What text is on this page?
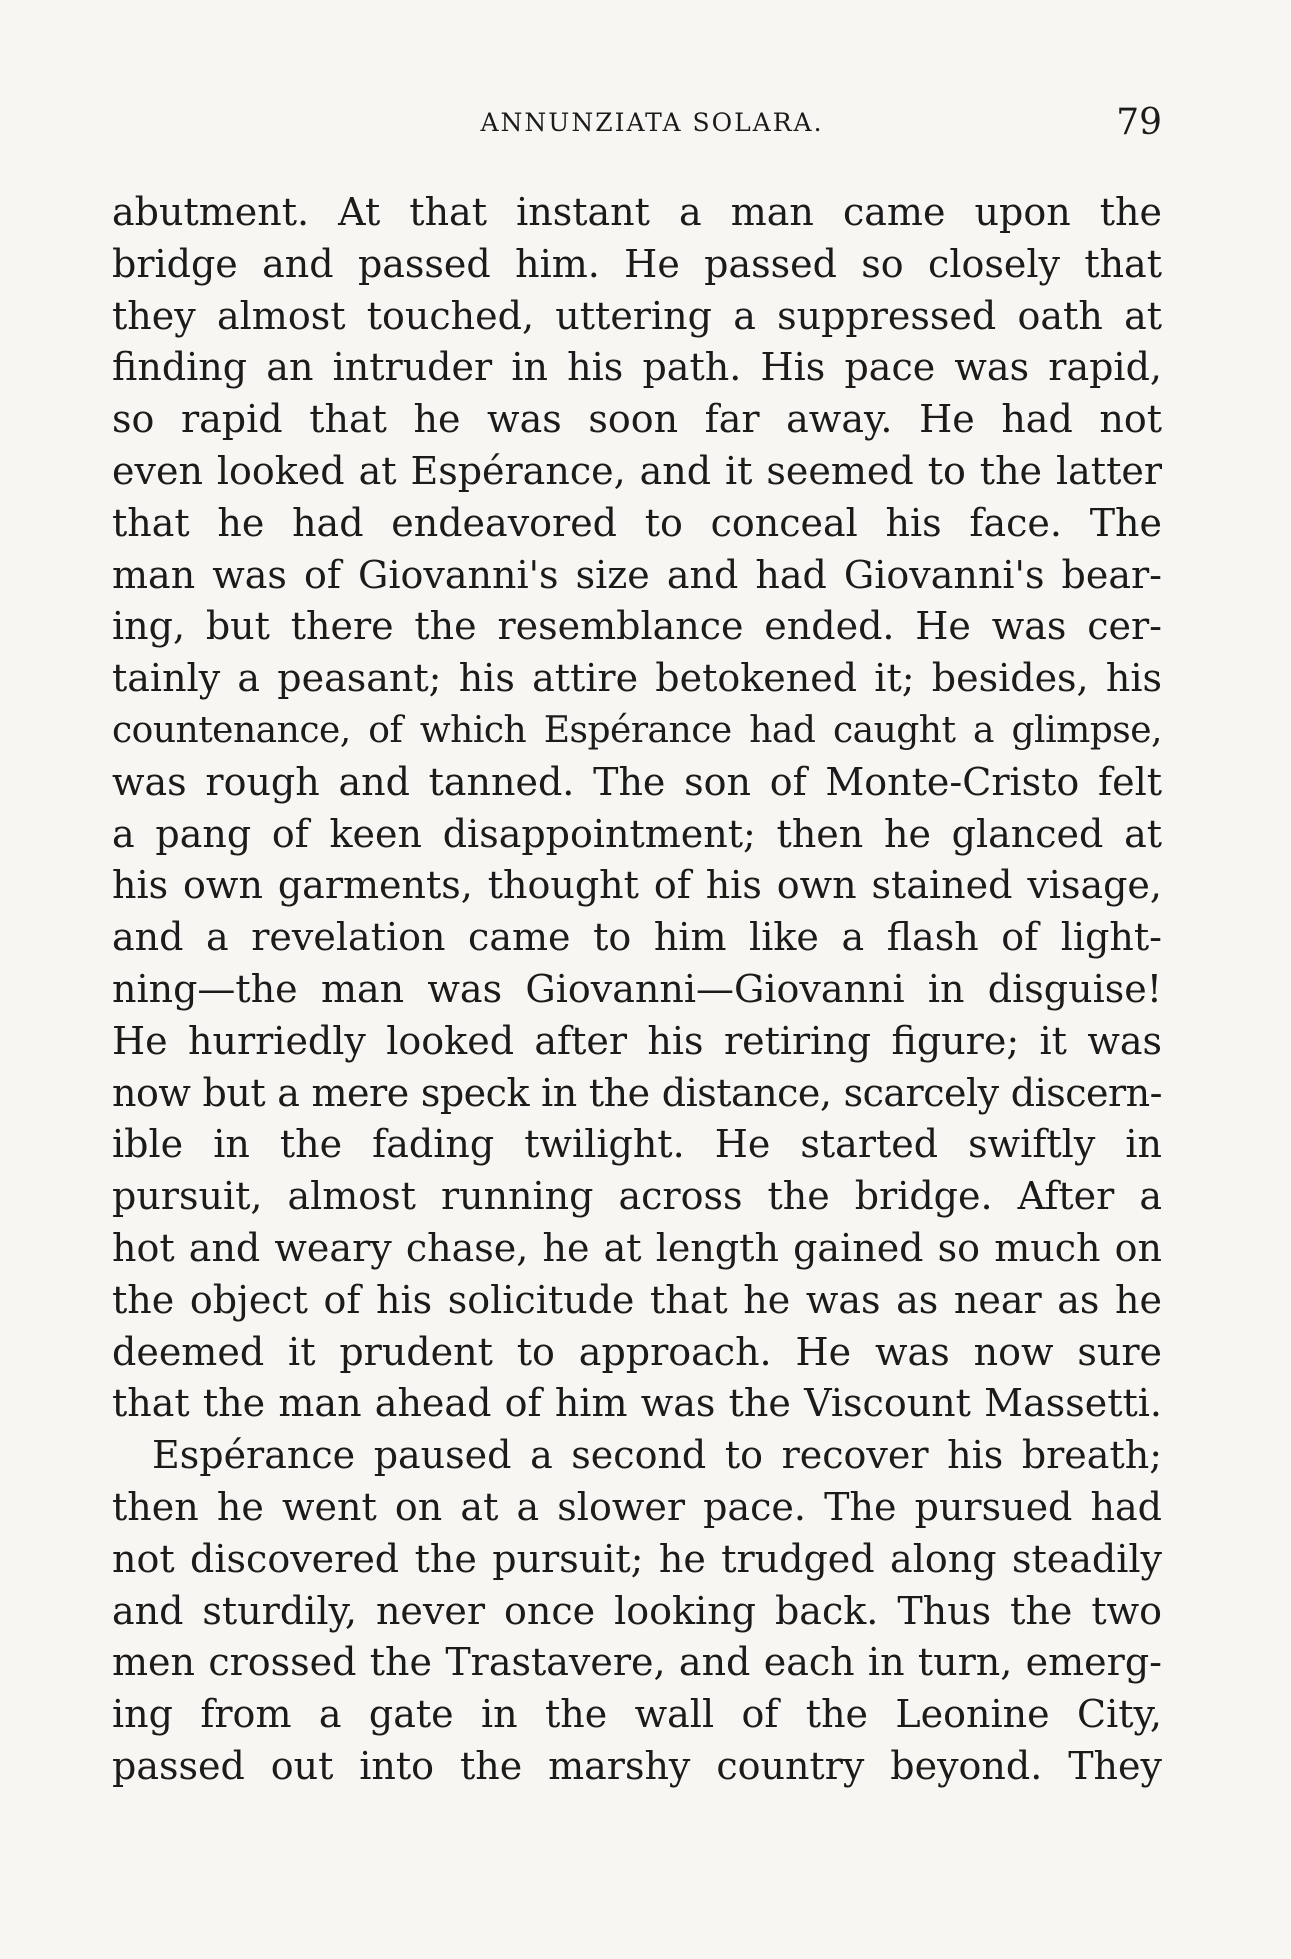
ANNUNZIATA SOLARA.	79
abutment. At that instant a man came upon the
bridge and passed him. He passed so closely that
they almost touched, uttering a suppressed oath at
finding an intruder in his path. His pace was rapid,
so rapid that he was soon far away. He had not
even looked at Espérance, and it seemed to the latter
that he had endeavored to conceal his face. The
man was of Giovanni's size and had Giovanni's bear-
ing, but there the resemblance ended. He was cer-
tainly a peasant; his attire betokened it; besides, his
countenance, of which Espérance had caught a glimpse,
was rough and tanned. The son of Monte-Cristo felt
a pang of keen disappointment; then he glanced at
his own garments, thought of his own stained visage,
and a revelation came to him like a flash of light-
ning—the man was Giovanni—Giovanni in disguise!
He hurriedly looked after his retiring figure; it was
now but a mere speck in the distance, scarcely discern-
ible in the fading twilight. He started swiftly in
pursuit, almost running across the bridge. After a
hot and weary chase, he at length gained so much on
the object of his solicitude that he was as near as he
deemed it prudent to approach. He was now sure
that the man ahead of him was the Viscount Massetti.
Espérance paused a second to recover his breath;
then he went on at a slower pace. The pursued had
not discovered the pursuit; he trudged along steadily
and sturdily, never once looking back. Thus the two
men crossed the Trastavere, and each in turn, emerg-
ing from a gate in the wall of the Leonine City,
passed out into the marshy country beyond. They
